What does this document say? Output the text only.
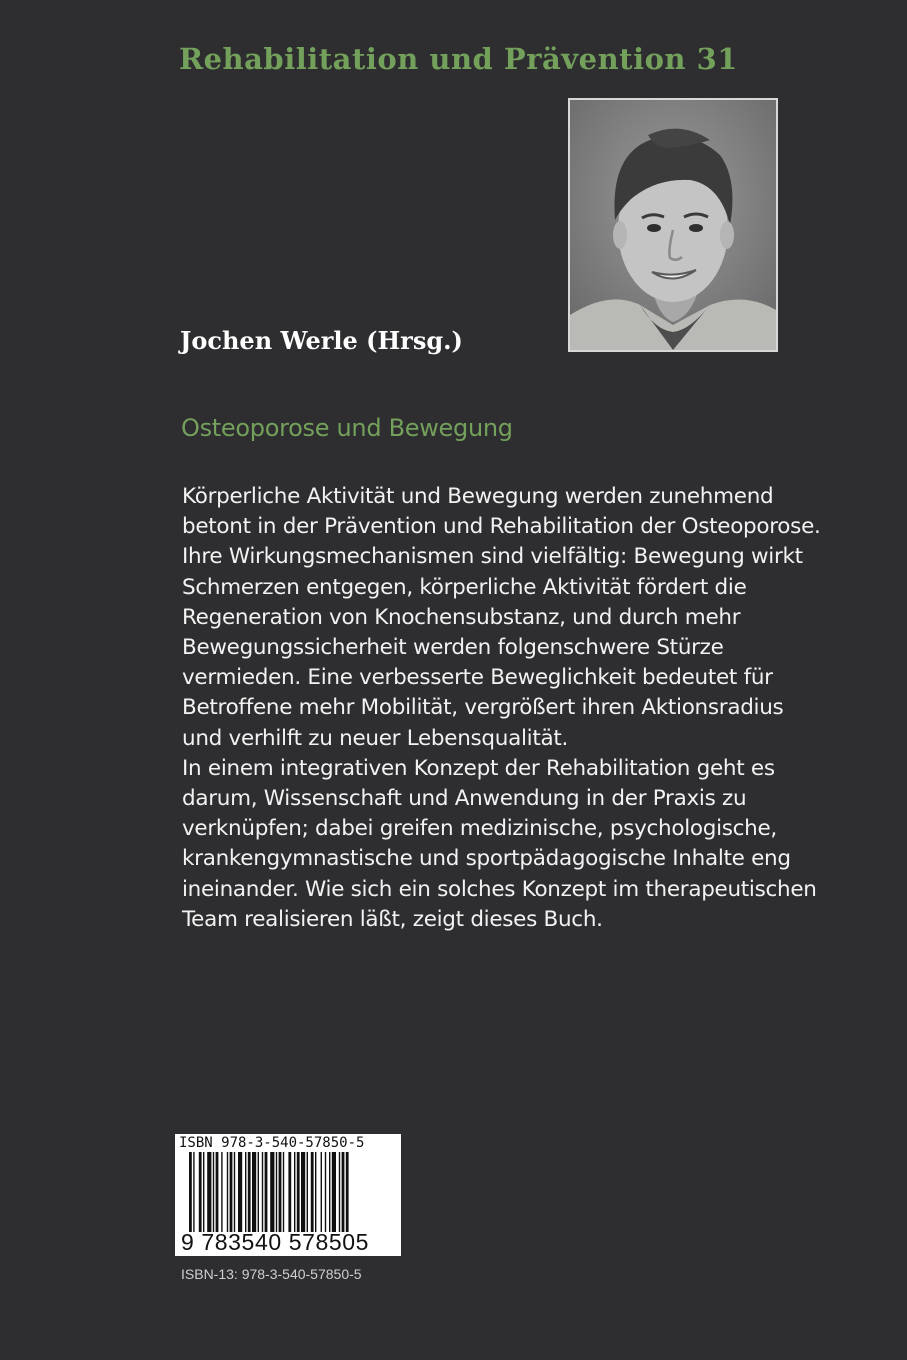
Rehabilitation und Prävention 31
Jochen Werle (Hrsg.)
Osteoporose und Bewegung

Körperliche Aktivität und Bewegung werden zunehmend betont in der Prävention und Rehabilitation der Osteoporose. Ihre Wirkungsmechanismen sind vielfältig: Bewegung wirkt Schmerzen entgegen, körperliche Aktivität fördert die Regeneration von Knochensubstanz, und durch mehr Bewegungssicherheit werden folgenschwere Stürze vermieden. Eine verbesserte Beweglichkeit bedeutet für Betroffene mehr Mobilität, vergrößert ihren Aktionsradius und verhilft zu neuer Lebensqualität.

In einem integrativen Konzept der Rehabilitation geht es darum, Wissenschaft und Anwendung in der Praxis zu verknüpfen; dabei greifen medizinische, psychologische, krankengymnastische und sportpädagogische Inhalte eng ineinander. Wie sich ein solches Konzept im therapeutischen Team realisieren läßt, zeigt dieses Buch.

ISBN 978-3-540-57850-5
9 783540 578505
ISBN-13: 978-3-540-57850-5
